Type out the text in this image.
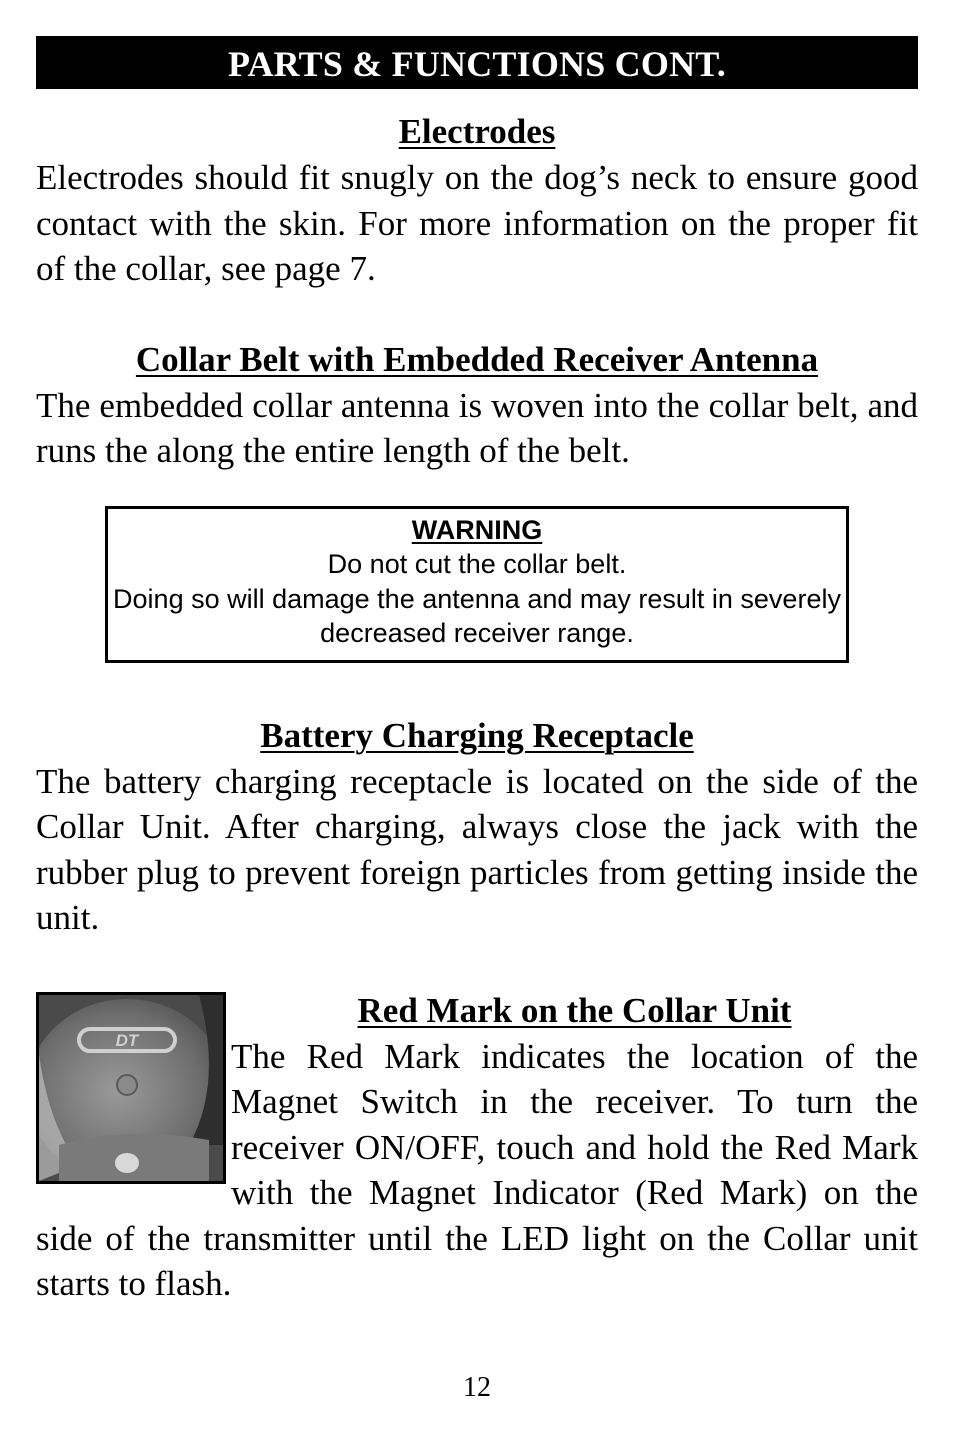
PARTS & FUNCTIONS CONT.
Electrodes

Electrodes should fit snugly on the dog’s neck to ensure good contact with the skin. For more information on the proper fit of the collar, see page 7.

Collar Belt with Embedded Receiver Antenna

The embedded collar antenna is woven into the collar belt, and runs the along the entire length of the belt.

WARNING
Do not cut the collar belt.
Doing so will damage the antenna and may result in severely decreased receiver range.
Battery Charging Receptacle

The battery charging receptacle is located on the side of the Collar Unit. After charging, always close the jack with the rubber plug to prevent foreign particles from getting inside the unit.

DT
Red Mark on the Collar Unit

The Red Mark indicates the location of the Magnet Switch in the receiver. To turn the receiver ON/OFF, touch and hold the Red Mark with the Magnet Indicator (Red Mark) on the side of the transmitter until the LED light on the Collar unit starts to flash.

12
